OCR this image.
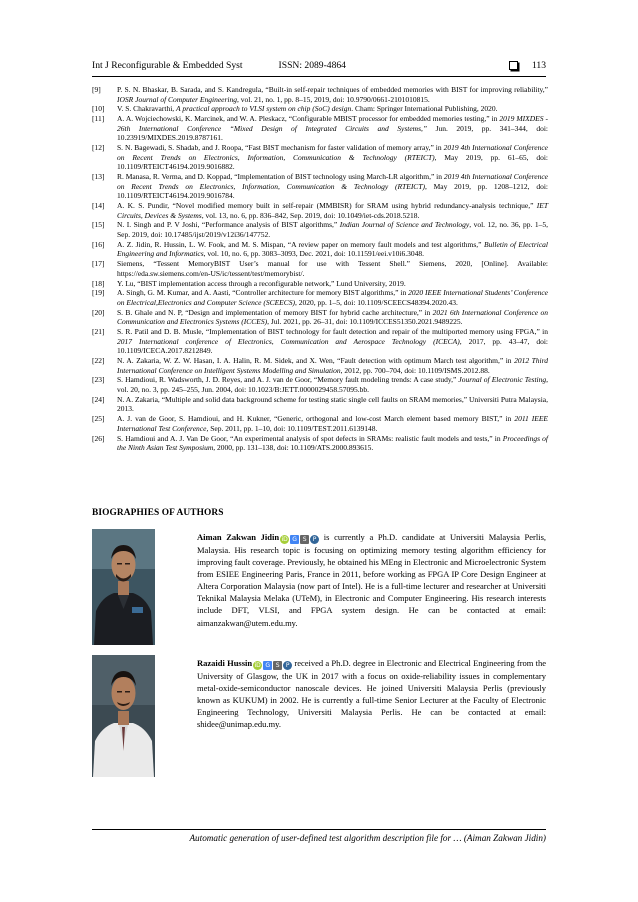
Int J Reconfigurable & Embedded Syst	ISSN: 2089-4864	113
[9]	P. S. N. Bhaskar, B. Sarada, and S. Kandregula, “Built-in self-repair techniques of embedded memories with BIST for improving reliability,” IOSR Journal of Computer Engineering, vol. 21, no. 1, pp. 8–15, 2019, doi: 10.9790/0661-2101010815.
[10]	V. S. Chakravarthi, A practical approach to VLSI system on chip (SoC) design. Cham: Springer International Publishing, 2020.
[11]	A. A. Wojciechowski, K. Marcinek, and W. A. Pleskacz, “Configurable MBIST processor for embedded memories testing,” in 2019 MIXDES - 26th International Conference “Mixed Design of Integrated Circuits and Systems,” Jun. 2019, pp. 341–344, doi: 10.23919/MIXDES.2019.8787161.
[12]	S. N. Bagewadi, S. Shadab, and J. Roopa, “Fast BIST mechanism for faster validation of memory array,” in 2019 4th International Conference on Recent Trends on Electronics, Information, Communication & Technology (RTEICT), May 2019, pp. 61–65, doi: 10.1109/RTEICT46194.2019.9016882.
[13]	R. Manasa, R. Verma, and D. Koppad, “Implementation of BIST technology using March-LR algorithm,” in 2019 4th International Conference on Recent Trends on Electronics, Information, Communication & Technology (RTEICT), May 2019, pp. 1208–1212, doi: 10.1109/RTEICT46194.2019.9016784.
[14]	A. K. S. Pundir, “Novel modified memory built in self-repair (MMBISR) for SRAM using hybrid redundancy-analysis technique,” IET Circuits, Devices & Systems, vol. 13, no. 6, pp. 836–842, Sep. 2019, doi: 10.1049/iet-cds.2018.5218.
[15]	N. I. Singh and P. V Joshi, “Performance analysis of BIST algorithms,” Indian Journal of Science and Technology, vol. 12, no. 36, pp. 1–5, Sep. 2019, doi: 10.17485/ijst/2019/v12i36/147752.
[16]	A. Z. Jidin, R. Hussin, L. W. Fook, and M. S. Mispan, “A review paper on memory fault models and test algorithms,” Bulletin of Electrical Engineering and Informatics, vol. 10, no. 6, pp. 3083–3093, Dec. 2021, doi: 10.11591/eei.v10i6.3048.
[17]	Siemens, “Tessent MemoryBIST User’s manual for use with Tessent Shell.” Siemens, 2020, [Online]. Available: https://eda.sw.siemens.com/en-US/ic/tessent/test/memorybist/.
[18]	Y. Lu, “BIST implementation access through a reconfigurable network,” Lund University, 2019.
[19]	A. Singh, G. M. Kumar, and A. Aasti, “Controller architecture for memory BIST algorithms,” in 2020 IEEE International Students’ Conference on Electrical,Electronics and Computer Science (SCEECS), 2020, pp. 1–5, doi: 10.1109/SCEECS48394.2020.43.
[20]	S. B. Ghale and N. P, “Design and implementation of memory BIST for hybrid cache architecture,” in 2021 6th International Conference on Communication and Electronics Systems (ICCES), Jul. 2021, pp. 26–31, doi: 10.1109/ICCES51350.2021.9489225.
[21]	S. R. Patil and D. B. Musle, “Implementation of BIST technology for fault detection and repair of the multiported memory using FPGA,” in 2017 International conference of Electronics, Communication and Aerospace Technology (ICECA), 2017, pp. 43–47, doi: 10.1109/ICECA.2017.8212849.
[22]	N. A. Zakaria, W. Z. W. Hasan, I. A. Halin, R. M. Sidek, and X. Wen, “Fault detection with optimum March test algorithm,” in 2012 Third International Conference on Intelligent Systems Modelling and Simulation, 2012, pp. 700–704, doi: 10.1109/ISMS.2012.88.
[23]	S. Hamdioui, R. Wadsworth, J. D. Reyes, and A. J. van de Goor, “Memory fault modeling trends: A case study,” Journal of Electronic Testing, vol. 20, no. 3, pp. 245–255, Jun. 2004, doi: 10.1023/B:JETT.0000029458.57095.bb.
[24]	N. A. Zakaria, “Multiple and solid data background scheme for testing static single cell faults on SRAM memories,” Universiti Putra Malaysia, 2013.
[25]	A. J. van de Goor, S. Hamdioui, and H. Kukner, “Generic, orthogonal and low-cost March element based memory BIST,” in 2011 IEEE International Test Conference, Sep. 2011, pp. 1–10, doi: 10.1109/TEST.2011.6139148.
[26]	S. Hamdioui and A. J. Van De Goor, “An experimental analysis of spot defects in SRAMs: realistic fault models and tests,” in Proceedings of the Ninth Asian Test Symposium, 2000, pp. 131–138, doi: 10.1109/ATS.2000.893615.
BIOGRAPHIES OF AUTHORS
Aiman Zakwan Jidin iD G S P is currently a Ph.D. candidate at Universiti Malaysia Perlis, Malaysia. His research topic is focusing on optimizing memory testing algorithm efficiency for improving fault coverage. Previously, he obtained his MEng in Electronic and Microelectronic System from ESIEE Engineering Paris, France in 2011, before working as FPGA IP Core Design Engineer at Altera Corporation Malaysia (now part of Intel). He is a full-time lecturer and researcher at Universiti Teknikal Malaysia Melaka (UTeM), in Electronic and Computer Engineering. His research interests include DFT, VLSI, and FPGA system design. He can be contacted at email: aimanzakwan@utem.edu.my.
Razaidi Hussin iD G S P received a Ph.D. degree in Electronic and Electrical Engineering from the University of Glasgow, the UK in 2017 with a focus on oxide-reliability issues in complementary metal-oxide-semiconductor nanoscale devices. He joined Universiti Malaysia Perlis (previously known as KUKUM) in 2002. He is currently a full-time Senior Lecturer at the Faculty of Electronic Engineering Technology, Universiti Malaysia Perlis. He can be contacted at email: shidee@unimap.edu.my.
Automatic generation of user-defined test algorithm description file for … (Aiman Zakwan Jidin)
